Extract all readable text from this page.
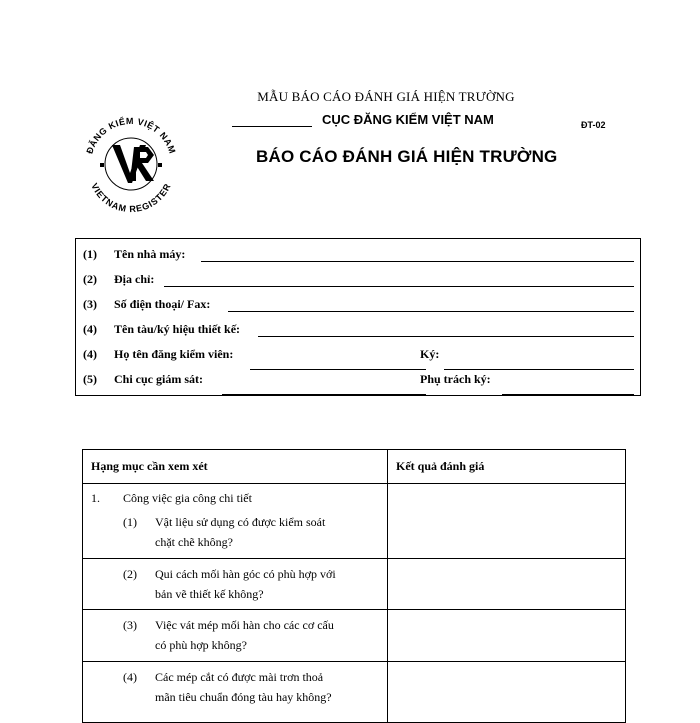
MẪU BÁO CÁO ĐÁNH GIÁ HIỆN TRƯỜNG
CỤC ĐĂNG KIỂM VIỆT NAM	ĐT-02
BÁO CÁO ĐÁNH GIÁ HIỆN TRƯỜNG
ĐĂNG KIỂM VIỆT NAM
VIETNAM REGISTER
(1) Tên nhà máy:
(2) Địa chỉ:
(3) Số điện thoại/ Fax:
(4) Tên tàu/ký hiệu thiết kế:
(4) Họ tên đăng kiểm viên:	Ký:
(5) Chi cục giám sát:	Phụ trách ký:
Hạng mục cần xem xét	Kết quả đánh giá

1. Công việc gia công chi tiết
(1) Vật liệu sử dụng có được kiểm soát
chặt chẽ không?	

(2) Qui cách mối hàn góc có phù hợp với
bản vẽ thiết kế không?	

(3) Việc vát mép mối hàn cho các cơ cấu
có phù hợp không?	

(4) Các mép cắt có được mài trơn thoả
mãn tiêu chuẩn đóng tàu hay không?	
